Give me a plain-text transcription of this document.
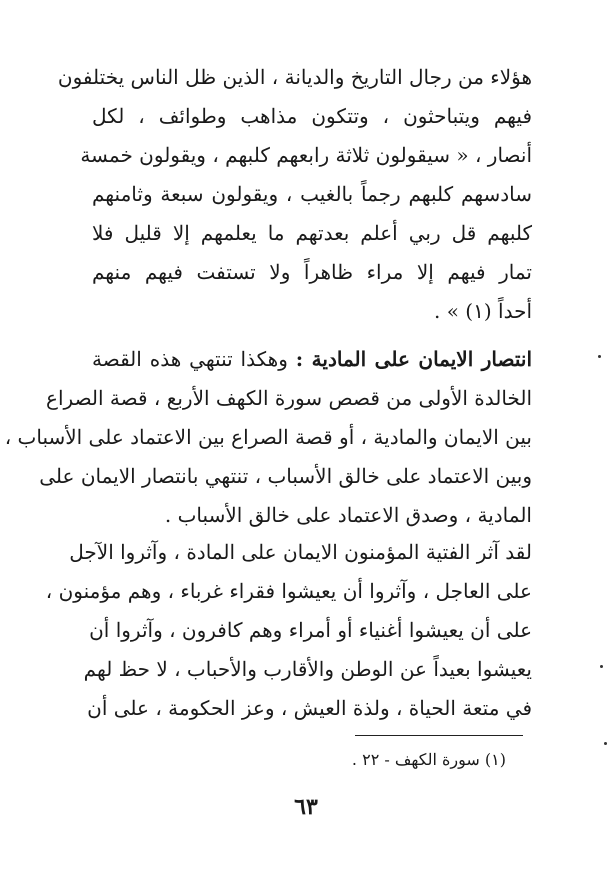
هؤلاء من رجال التاريخ والديانة ، الذين ظل الناس يختلفون
فيهم ويتباحثون ، وتتكون مذاهب وطوائف ، لكل
أنصار ، « سيقولون ثلاثة رابعهم كلبهم ، ويقولون خمسة
سادسهم كلبهم رجماً بالغيب ، ويقولون سبعة وثامنهم
كلبهم قل ربي أعلم بعدتهم ما يعلمهم إلا قليل فلا
تمار فيهم إلا مراء ظاهراً ولا تستفت فيهم منهم
أحداً (١) » .
انتصار الايمان على المادية : وهكذا تنتهي هذه القصة
الخالدة الأولى من قصص سورة الكهف الأربع ، قصة الصراع
بين الايمان والمادية ، أو قصة الصراع بين الاعتماد على الأسباب ،
وبين الاعتماد على خالق الأسباب ، تنتهي بانتصار الايمان على
المادية ، وصدق الاعتماد على خالق الأسباب .
لقد آثر الفتية المؤمنون الايمان على المادة ، وآثروا الآجل
على العاجل ، وآثروا أن يعيشوا فقراء غرباء ، وهم مؤمنون ،
على أن يعيشوا أغنياء أو أمراء وهم كافرون ، وآثروا أن
يعيشوا بعيداً عن الوطن والأقارب والأحباب ، لا حظ لهم
في متعة الحياة ، ولذة العيش ، وعز الحكومة ، على أن
(١) سورة الكهف - ٢٢ .
٦٣
